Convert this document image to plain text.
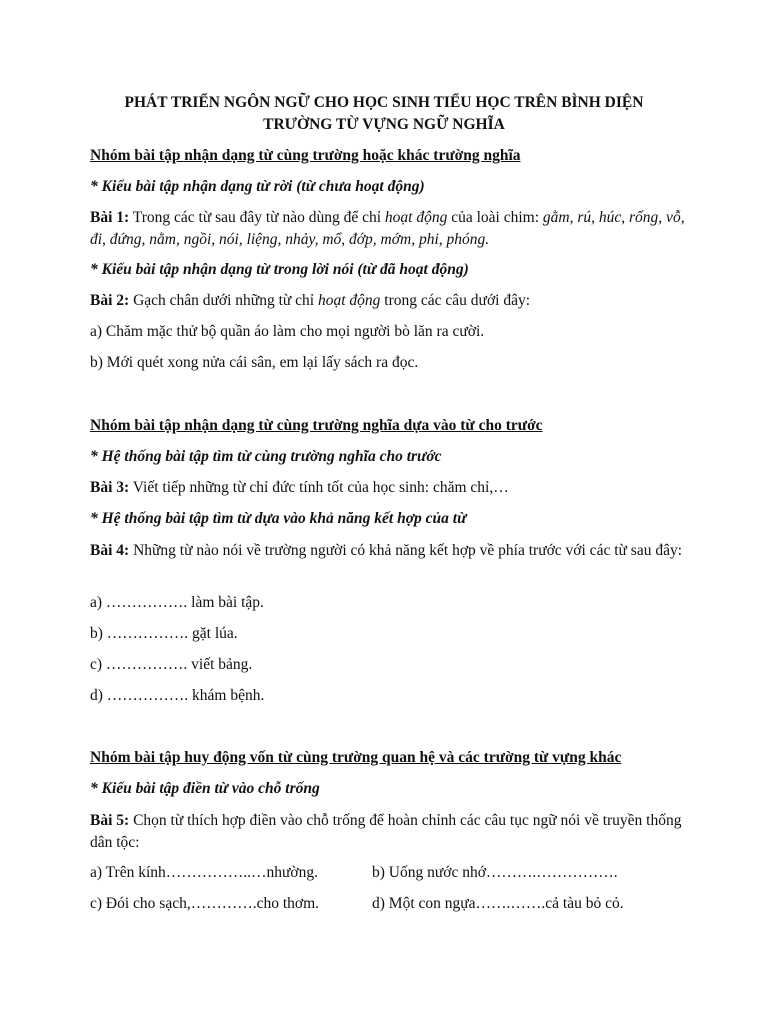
PHÁT TRIỂN NGÔN NGỮ CHO HỌC SINH TIỂU HỌC TRÊN BÌNH DIỆN
TRƯỜNG TỪ VỰNG NGỮ NGHĨA

Nhóm bài tập nhận dạng từ cùng trường hoặc khác trường nghĩa

* Kiểu bài tập nhận dạng từ rời (từ chưa hoạt động)

Bài 1: Trong các từ sau đây từ nào dùng để chỉ hoạt động của loài chim: gằm, rú, húc, rống, vỗ, đi, đứng, nằm, ngồi, nói, liệng, nhảy, mổ, đớp, mớm, phi, phóng.

* Kiểu bài tập nhận dạng từ trong lời nói (từ đã hoạt động)

Bài 2: Gạch chân dưới những từ chỉ hoạt động trong các câu dưới đây:

a) Chăm mặc thử bộ quần áo làm cho mọi người bò lăn ra cười.

b) Mới quét xong nửa cái sân, em lại lấy sách ra đọc.

Nhóm bài tập nhận dạng từ cùng trường nghĩa dựa vào từ cho trước

* Hệ thống bài tập tìm từ cùng trường nghĩa cho trước

Bài 3: Viết tiếp những từ chỉ đức tính tốt của học sinh: chăm chỉ,…

* Hệ thống bài tập tìm từ dựa vào khả năng kết hợp của từ

Bài 4: Những từ nào nói về trường người có khả năng kết hợp về phía trước với các từ sau đây:

a) ……………. làm bài tập.

b) ……………. gặt lúa.

c) ……………. viết bảng.

d) ……………. khám bệnh.

Nhóm bài tập huy động vốn từ cùng trường quan hệ và các trường từ vựng khác

* Kiểu bài tập điền từ vào chỗ trống

Bài 5: Chọn từ thích hợp điền vào chỗ trống để hoàn chỉnh các câu tục ngữ nói về truyền thống dân tộc:

a) Trên kính……………..…nhường.	b) Uống nước nhớ……….…………….
c) Đói cho sạch,………….cho thơm.	d) Một con ngựa…….…….cả tàu bỏ cỏ.
